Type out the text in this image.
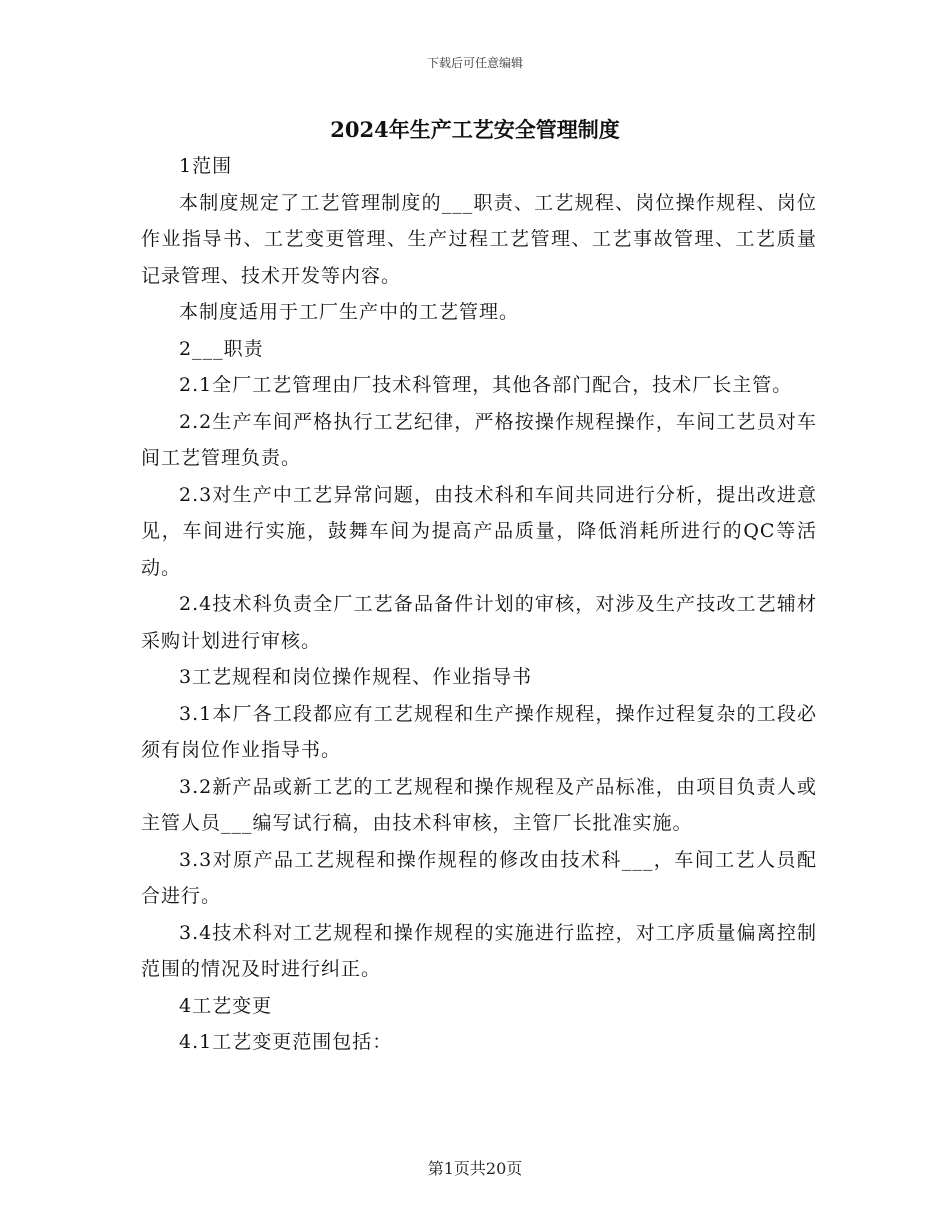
下载后可任意编辑
2024年生产工艺安全管理制度

1范围

本制度规定了工艺管理制度的___职责、工艺规程、岗位操作规程、岗位作业指导书、工艺变更管理、生产过程工艺管理、工艺事故管理、工艺质量记录管理、技术开发等内容。

本制度适用于工厂生产中的工艺管理。

2___职责

2.1全厂工艺管理由厂技术科管理，其他各部门配合，技术厂长主管。

2.2生产车间严格执行工艺纪律，严格按操作规程操作，车间工艺员对车间工艺管理负责。

2.3对生产中工艺异常问题，由技术科和车间共同进行分析，提出改进意见，车间进行实施，鼓舞车间为提高产品质量，降低消耗所进行的QC等活动。

2.4技术科负责全厂工艺备品备件计划的审核，对涉及生产技改工艺辅材采购计划进行审核。

3工艺规程和岗位操作规程、作业指导书

3.1本厂各工段都应有工艺规程和生产操作规程，操作过程复杂的工段必须有岗位作业指导书。

3.2新产品或新工艺的工艺规程和操作规程及产品标准，由项目负责人或主管人员___编写试行稿，由技术科审核，主管厂长批准实施。

3.3对原产品工艺规程和操作规程的修改由技术科___，车间工艺人员配合进行。

3.4技术科对工艺规程和操作规程的实施进行监控，对工序质量偏离控制范围的情况及时进行纠正。

4工艺变更

4.1工艺变更范围包括：

第1页共20页
